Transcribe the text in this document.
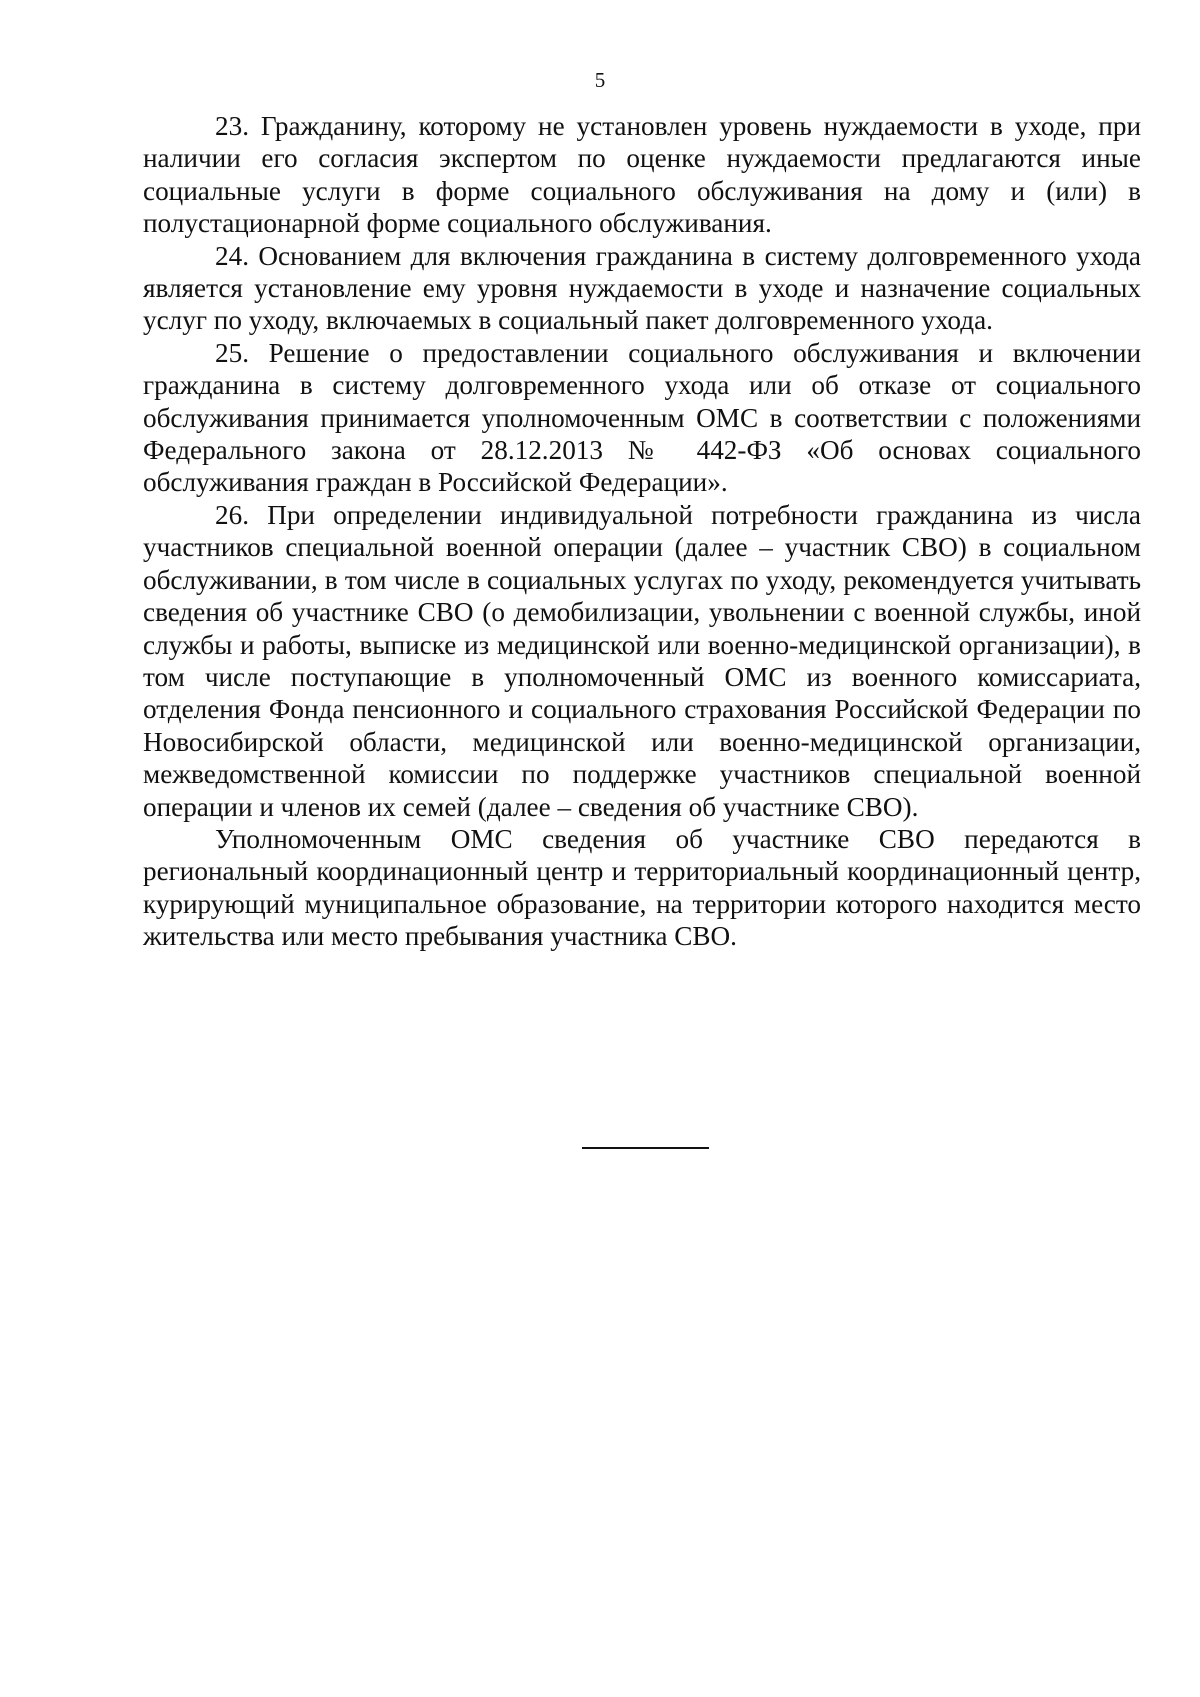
5

23. Гражданину, которому не установлен уровень нуждаемости в уходе, при наличии его согласия экспертом по оценке нуждаемости предлагаются иные социальные услуги в форме социального обслуживания на дому и (или) в полустационарной форме социального обслуживания.

24. Основанием для включения гражданина в систему долговременного ухода является установление ему уровня нуждаемости в уходе и назначение социальных услуг по уходу, включаемых в социальный пакет долговременного ухода.

25. Решение о предоставлении социального обслуживания и включении гражданина в систему долговременного ухода или об отказе от социального обслуживания принимается уполномоченным ОМС в соответствии с положениями Федерального закона от 28.12.2013 № 442-ФЗ «Об основах социального обслуживания граждан в Российской Федерации».

26. При определении индивидуальной потребности гражданина из числа участников специальной военной операции (далее – участник СВО) в социальном обслуживании, в том числе в социальных услугах по уходу, рекомендуется учитывать сведения об участнике СВО (о демобилизации, увольнении с военной службы, иной службы и работы, выписке из медицинской или военно-медицинской организации), в том числе поступающие в уполномоченный ОМС из военного комиссариата, отделения Фонда пенсионного и социального страхования Российской Федерации по Новосибирской области, медицинской или военно-медицинской организации, межведомственной комиссии по поддержке участников специальной военной операции и членов их семей (далее – сведения об участнике СВО).

Уполномоченным ОМС сведения об участнике СВО передаются в региональный координационный центр и территориальный координационный центр, курирующий муниципальное образование, на территории которого находится место жительства или место пребывания участника СВО.
